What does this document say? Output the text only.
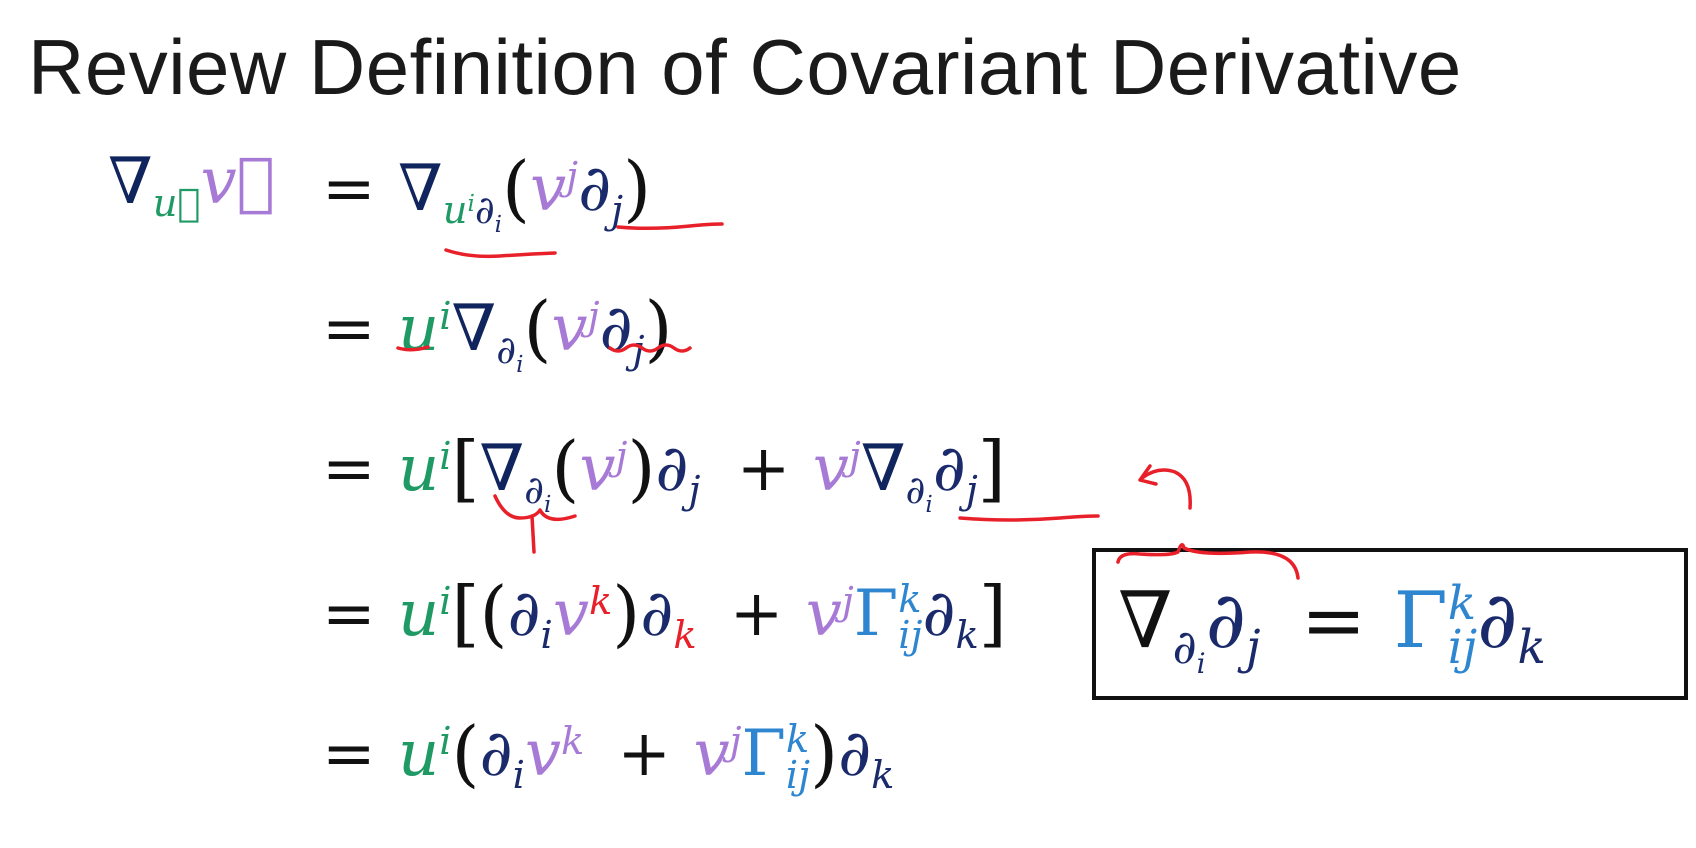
Review Definition of Covariant Derivative
$\nabla_{u⃗}v⃗ = \nabla_{u^i\partial_i}(v^j\partial_j)$
= $u^i\nabla_{\partial_i}(v^j\partial_j)$
= $u^i[\nabla_{\partial_i}(v^j)\partial_j + v^j\nabla_{\partial_i}\partial_j]$
= $u^i[(\partial_iv^k)\partial_k + v^j\Gamma$ k
$_{ij}\partial_k$]
= $u^i(\partial_iv^k + v^j\Gamma$ k
$_{ij})\partial_k$
$\nabla_{\partial_i}\partial_j = \Gamma$ k
$_{ij}\partial_k$
